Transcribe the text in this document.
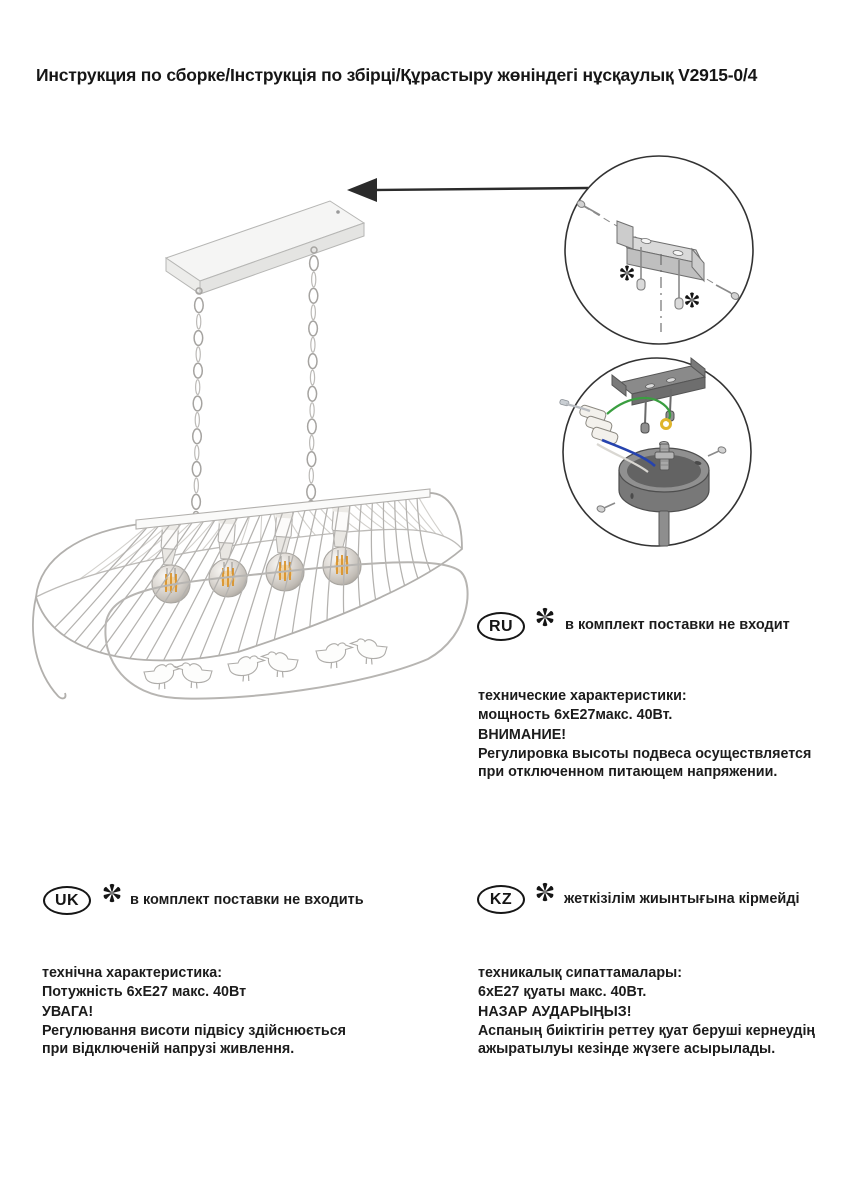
Инструкция по сборке/Інструкція по збірці/Құрастыру жөніндегі нұсқаулық V2915-0/4
RU	в комплект поставки не входит
технические характеристики:
мощность 6хЕ27макс. 40Вт.
ВНИМАНИЕ!
Регулировка высоты подвеса осуществляется
при отключенном питающем напряжении.
UK	в комплект поставки не входить
технічна характеристика:
Потужність 6хЕ27 макс. 40Вт
УВАГА!
Регулювання висоти підвісу здійснюється
при відключеній напрузі живлення.
KZ	жеткізілім жиынтығына кірмейді
техникалық сипаттамалары:
6хЕ27 қуаты макс. 40Вт.
НАЗАР АУДАРЫҢЫЗ!
Аспаның биіктігін реттеу қуат беруші кернеудің
ажыратылуы кезінде жүзеге асырылады.
